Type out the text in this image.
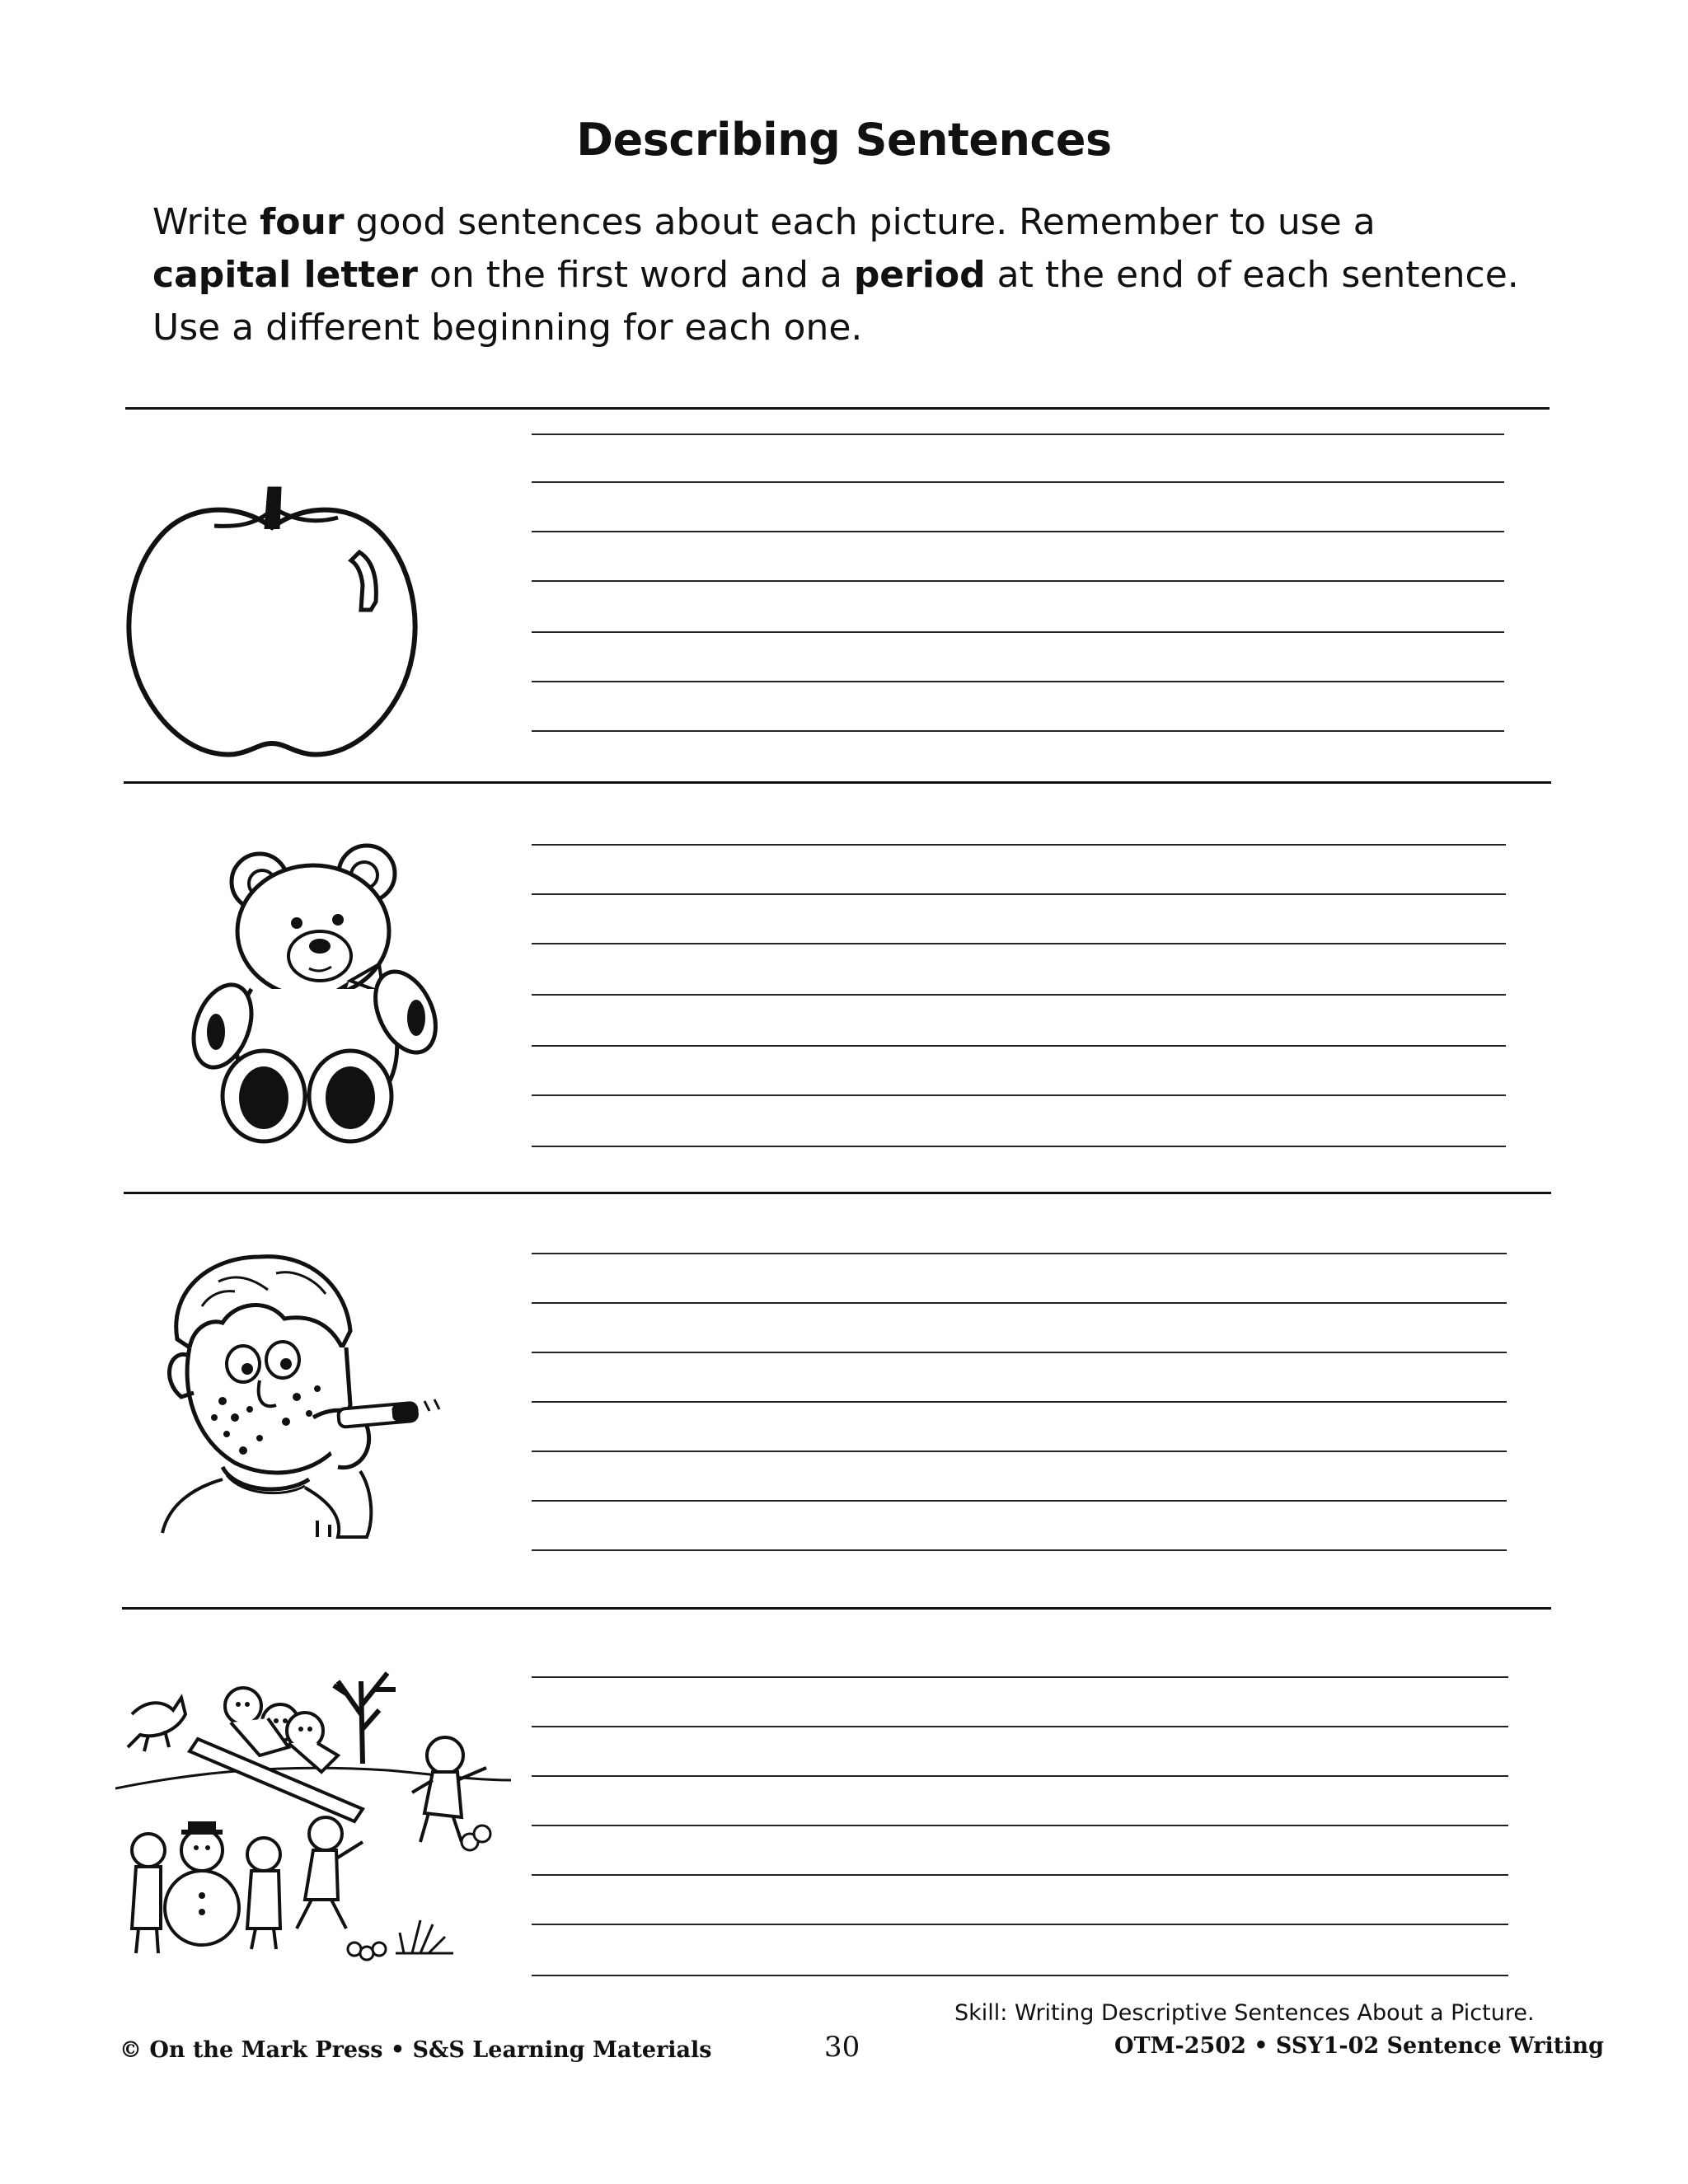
Describing Sentences
Write four good sentences about each picture. Remember to use a
capital letter on the first word and a period at the end of each sentence.
Use a different beginning for each one.
Skill: Writing Descriptive Sentences About a Picture.
© On the Mark Press • S&S Learning Materials	30	OTM-2502 • SSY1-02 Sentence Writing
